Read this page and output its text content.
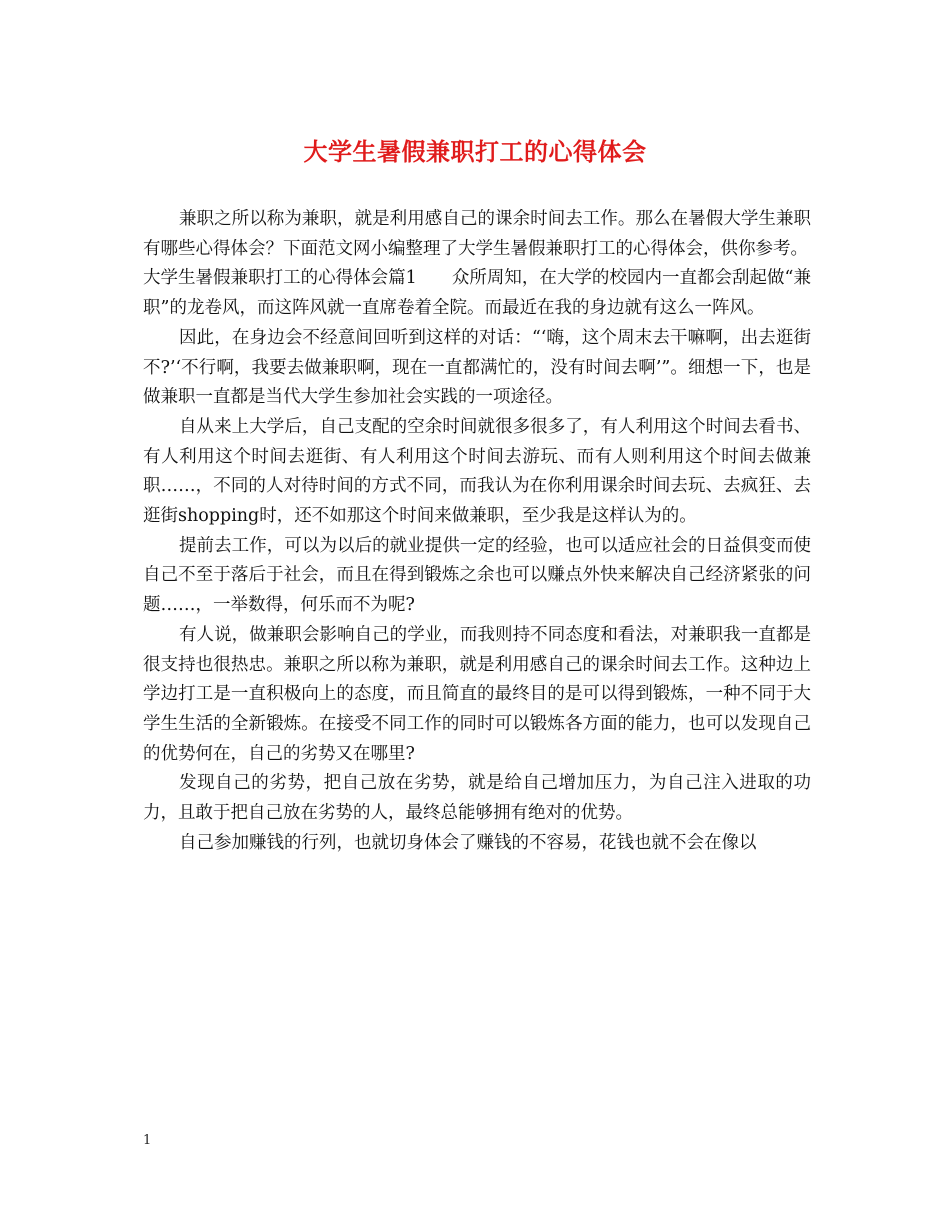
大学生暑假兼职打工的心得体会

兼职之所以称为兼职，就是利用感自己的课余时间去工作。那么在暑假大学生兼职有哪些心得体会？下面范文网小编整理了大学生暑假兼职打工的心得体会，供你参考。

大学生暑假兼职打工的心得体会篇1　　众所周知，在大学的校园内一直都会刮起做“兼职”的龙卷风，而这阵风就一直席卷着全院。而最近在我的身边就有这么一阵风。

因此，在身边会不经意间回听到这样的对话：“‘嗨，这个周末去干嘛啊，出去逛街不?’‘不行啊，我要去做兼职啊，现在一直都满忙的，没有时间去啊’”。细想一下，也是做兼职一直都是当代大学生参加社会实践的一项途径。

自从来上大学后，自己支配的空余时间就很多很多了，有人利用这个时间去看书、有人利用这个时间去逛街、有人利用这个时间去游玩、而有人则利用这个时间去做兼职……，不同的人对待时间的方式不同，而我认为在你利用课余时间去玩、去疯狂、去逛街shopping时，还不如那这个时间来做兼职，至少我是这样认为的。

提前去工作，可以为以后的就业提供一定的经验，也可以适应社会的日益俱变而使自己不至于落后于社会，而且在得到锻炼之余也可以赚点外快来解决自己经济紧张的问题……，一举数得，何乐而不为呢?

有人说，做兼职会影响自己的学业，而我则持不同态度和看法，对兼职我一直都是很支持也很热忠。兼职之所以称为兼职，就是利用感自己的课余时间去工作。这种边上学边打工是一直积极向上的态度，而且简直的最终目的是可以得到锻炼，一种不同于大学生生活的全新锻炼。在接受不同工作的同时可以锻炼各方面的能力，也可以发现自己的优势何在，自己的劣势又在哪里?

发现自己的劣势，把自己放在劣势，就是给自己增加压力，为自己注入进取的功力，且敢于把自己放在劣势的人，最终总能够拥有绝对的优势。

自己参加赚钱的行列，也就切身体会了赚钱的不容易，花钱也就不会在像以

1
